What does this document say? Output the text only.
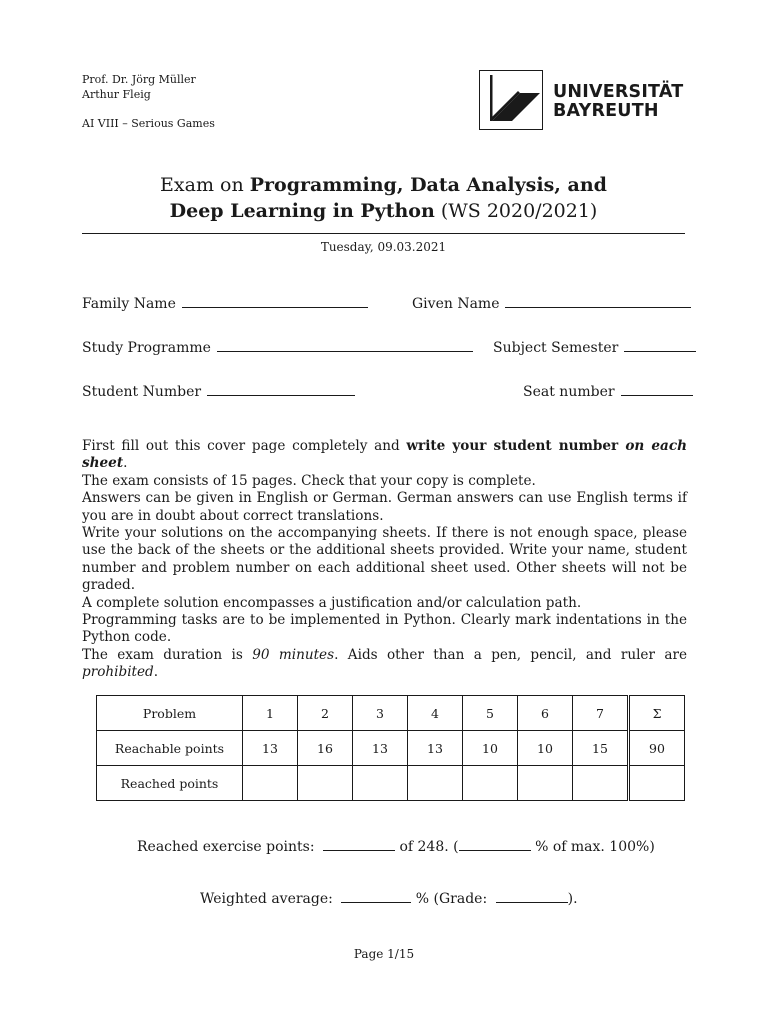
Prof. Dr. Jörg Müller
Arthur Fleig
AI VIII – Serious Games
UNIVERSITÄT
BAYREUTH
Exam on Programming, Data Analysis, and
Deep Learning in Python (WS 2020/2021)
Tuesday, 09.03.2021
Family Name	Given Name
Study Programme	Subject Semester
Student Number	Seat number

First fill out this cover page completely and write your student number on each sheet.

The exam consists of 15 pages. Check that your copy is complete.

Answers can be given in English or German. German answers can use English terms if you are in doubt about correct translations.

Write your solutions on the accompanying sheets. If there is not enough space, please use the back of the sheets or the additional sheets provided. Write your name, student number and problem number on each additional sheet used. Other sheets will not be graded.

A complete solution encompasses a justification and/or calculation path.

Programming tasks are to be implemented in Python. Clearly mark indentations in the Python code.

The exam duration is 90 minutes. Aids other than a pen, pencil, and ruler are prohibited.

Problem	1	2	3	4	5	6	7	Σ
Reachable points	13	16	13	13	10	10	15	90
Reached points								
Reached exercise points:	of 248. (	% of max. 100%)
Weighted average:	% (Grade:	).
Page 1/15
